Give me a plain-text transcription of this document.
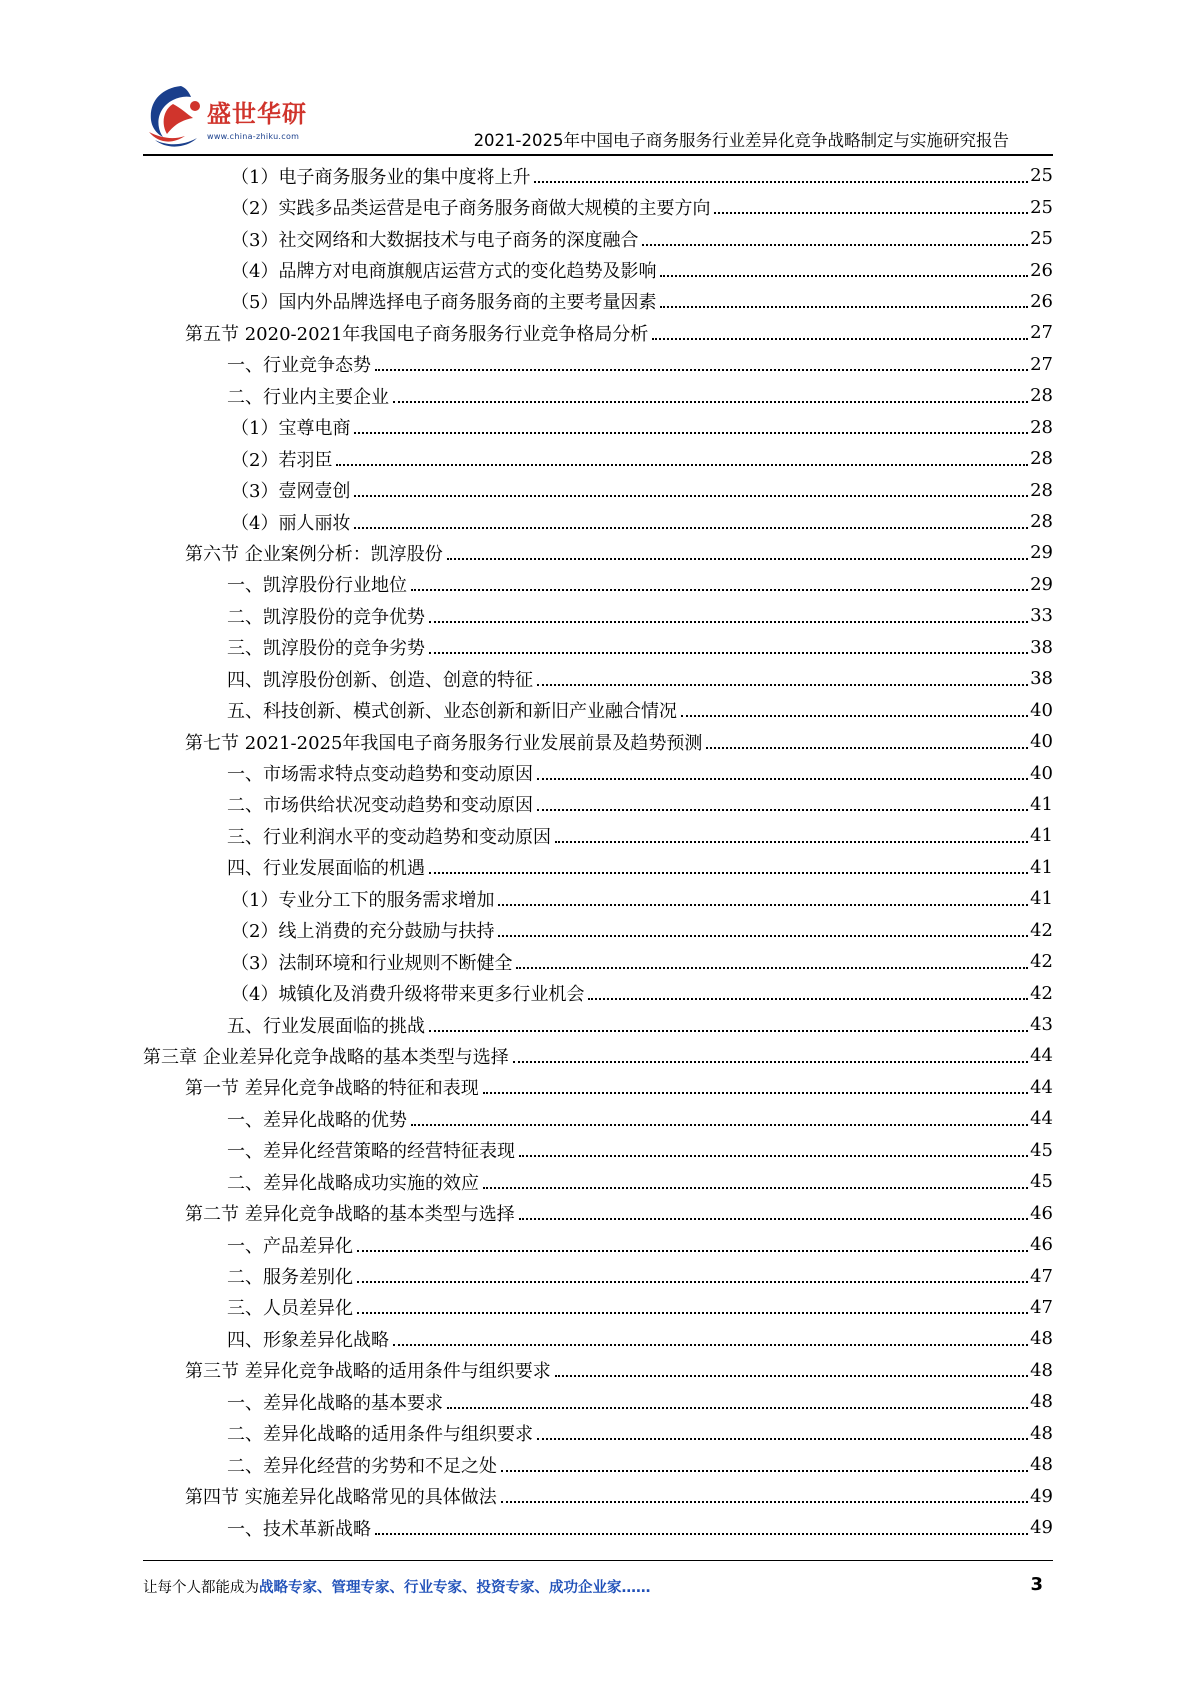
盛世华研
www.china-zhiku.com	2021-2025年中国电子商务服务行业差异化竞争战略制定与实施研究报告
（1）电子商务服务业的集中度将上升	25
（2）实践多品类运营是电子商务服务商做大规模的主要方向	25
（3）社交网络和大数据技术与电子商务的深度融合	25
（4）品牌方对电商旗舰店运营方式的变化趋势及影响	26
（5）国内外品牌选择电子商务服务商的主要考量因素	26
第五节 2020-2021年我国电子商务服务行业竞争格局分析	27
一、行业竞争态势	27
二、行业内主要企业	28
（1）宝尊电商	28
（2）若羽臣	28
（3）壹网壹创	28
（4）丽人丽妆	28
第六节 企业案例分析：凯淳股份	29
一、凯淳股份行业地位	29
二、凯淳股份的竞争优势	33
三、凯淳股份的竞争劣势	38
四、凯淳股份创新、创造、创意的特征	38
五、科技创新、模式创新、业态创新和新旧产业融合情况	40
第七节 2021-2025年我国电子商务服务行业发展前景及趋势预测	40
一、市场需求特点变动趋势和变动原因	40
二、市场供给状况变动趋势和变动原因	41
三、行业利润水平的变动趋势和变动原因	41
四、行业发展面临的机遇	41
（1）专业分工下的服务需求增加	41
（2）线上消费的充分鼓励与扶持	42
（3）法制环境和行业规则不断健全	42
（4）城镇化及消费升级将带来更多行业机会	42
五、行业发展面临的挑战	43
第三章 企业差异化竞争战略的基本类型与选择	44
第一节 差异化竞争战略的特征和表现	44
一、差异化战略的优势	44
一、差异化经营策略的经营特征表现	45
二、差异化战略成功实施的效应	45
第二节 差异化竞争战略的基本类型与选择	46
一、产品差异化	46
二、服务差别化	47
三、人员差异化	47
四、形象差异化战略	48
第三节 差异化竞争战略的适用条件与组织要求	48
一、差异化战略的基本要求	48
二、差异化战略的适用条件与组织要求	48
二、差异化经营的劣势和不足之处	48
第四节 实施差异化战略常见的具体做法	49
一、技术革新战略	49
让每个人都能成为战略专家、管理专家、行业专家、投资专家、成功企业家……	3
